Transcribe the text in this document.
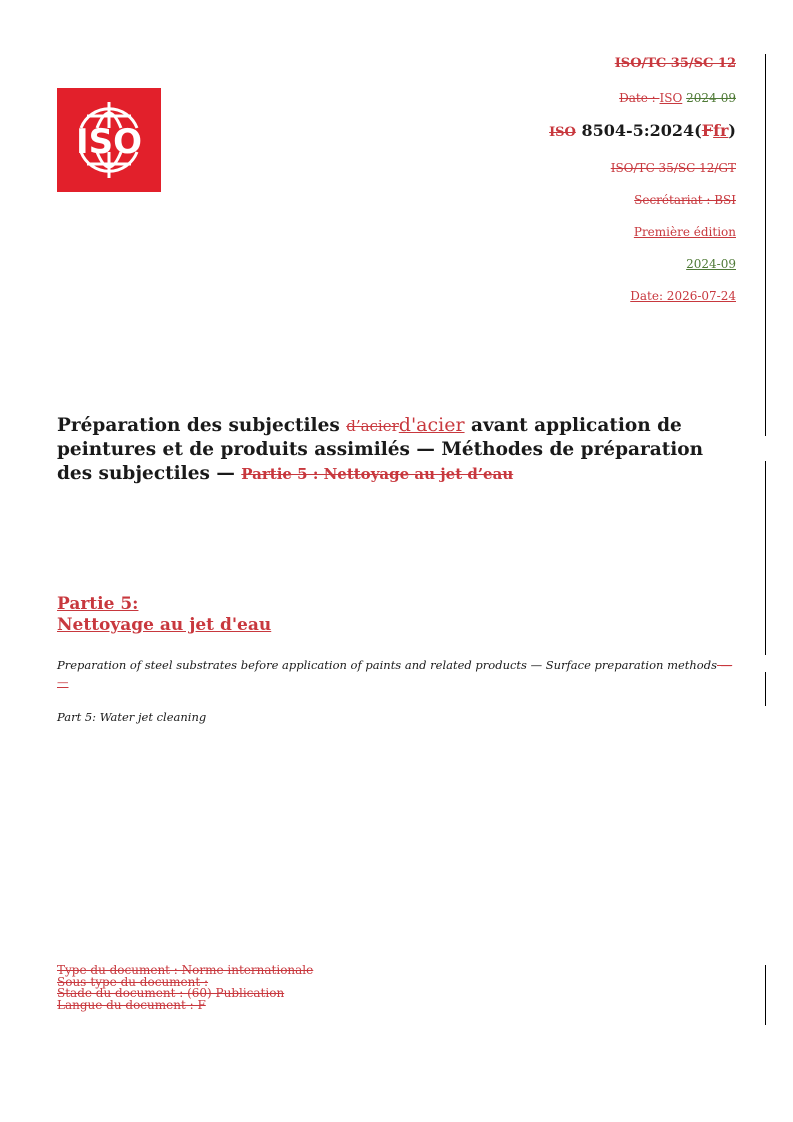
ISO
ISO/TC 35/SC 12
Date : ISO 2024-09
ISO 8504-5:2024(Ffr)
ISO/TC 35/SC 12/GT
Secrétariat : BSI
Première édition
2024-09
Date: 2026-07-24
Préparation des subjectiles d’acierd'acier avant application de peintures et de produits assimilés — Méthodes de préparation des subjectiles — Partie 5 : Nettoyage au jet d’eau
Partie 5:
Nettoyage au jet d'eau
Preparation of steel substrates before application of paints and related products — Surface preparation methods — —
Part 5: Water jet cleaning
Type du document : Norme internationale
Sous-type du document :
Stade du document : (60) Publication
Langue du document : F
